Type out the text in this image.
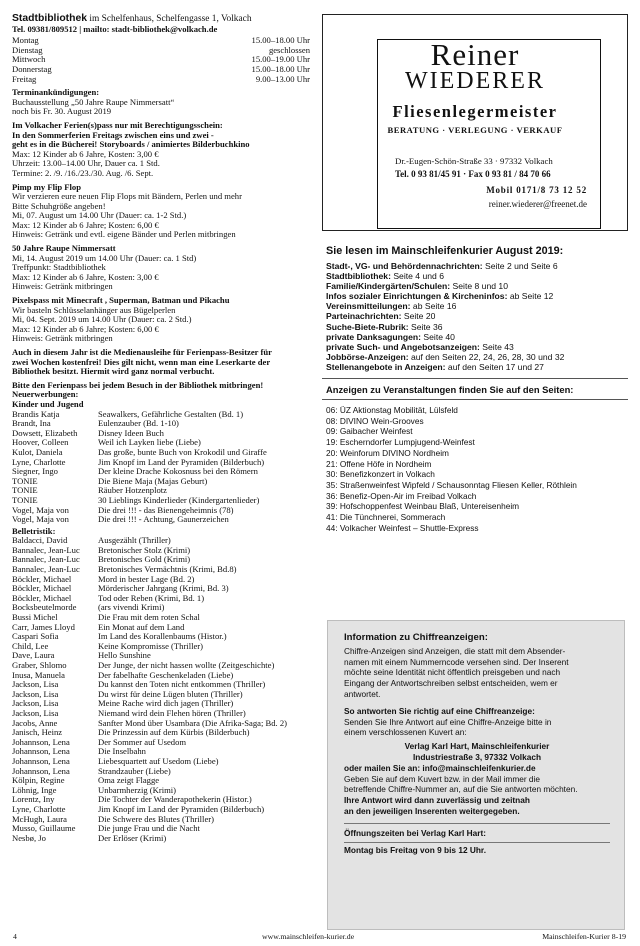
Stadtbibliothek im Schelfenhaus, Schelfengasse 1, Volkach
Tel. 09381/809512 | mailto: stadt-bibliothek@volkach.de
Montag	15.00–18.00 Uhr
Dienstag	geschlossen
Mittwoch	15.00–19.00 Uhr
Donnerstag	15.00–18.00 Uhr
Freitag	9.00–13.00 Uhr
Terminankündigungen:
Buchausstellung „50 Jahre Raupe Nimmersatt“
noch bis Fr. 30. August 2019
Im Volkacher Ferien(s)pass nur mit Berechtigungsschein:
In den Sommerferien Freitags zwischen eins und zwei -
geht es in die Bücherei! Storyboards / animiertes Bilderbuchkino
Max: 12 Kinder ab 6 Jahre, Kosten: 3,00 €
Uhrzeit: 13.00–14.00 Uhr, Dauer ca. 1 Std.
Termine: 2. /9. /16./23./30. Aug. /6. Sept.
Pimp my Flip Flop
Wir verzieren eure neuen Flip Flops mit Bändern, Perlen und mehr
Bitte Schuhgröße angeben!
Mi, 07. August um 14.00 Uhr (Dauer: ca. 1-2 Std.)
Max: 12 Kinder ab 6 Jahre; Kosten: 6,00 €
Hinweis: Getränk und evtl. eigene Bänder und Perlen mitbringen
50 Jahre Raupe Nimmersatt
Mi, 14. August 2019 um 14.00 Uhr (Dauer: ca. 1 Std)
Treffpunkt: Stadtbibliothek
Max: 12 Kinder ab 6 Jahre, Kosten: 3,00 €
Hinweis: Getränk mitbringen
Pixelspass mit Minecraft , Superman, Batman und Pikachu
Wir basteln Schlüsselanhänger aus Bügelperlen
Mi, 04. Sept. 2019 um 14.00 Uhr (Dauer: ca. 2 Std.)
Max: 12 Kinder ab 6 Jahre; Kosten: 6,00 €
Hinweis: Getränk mitbringen
Auch in diesem Jahr ist die Medienausleihe für Ferienpass-Besitzer für
zwei Wochen kostenfrei! Dies gilt nicht, wenn man eine Leserkarte der
Bibliothek besitzt. Hiermit wird ganz normal verbucht.
Bitte den Ferienpass bei jedem Besuch in der Bibliothek mitbringen!
Neuerwerbungen:
Kinder und Jugend
Brandis Katja	Seawalkers, Gefährliche Gestalten (Bd. 1)
Brandt, Ina	Eulenzauber (Bd. 1-10)
Dowsett, Elizabeth	Disney Ideen Buch
Hoover, Colleen	Weil ich Layken liebe (Liebe)
Kulot, Daniela	Das große, bunte Buch von Krokodil und Giraffe
Lyne, Charlotte	Jim Knopf im Land der Pyramiden (Bilderbuch)
Siegner, Ingo	Der kleine Drache Kokosnuss bei den Römern
TONIE	Die Biene Maja (Majas Geburt)
TONIE	Räuber Hotzenplotz
TONIE	30 Lieblings Kinderlieder (Kindergartenlieder)
Vogel, Maja von	Die drei !!! - das Bienengeheimnis (78)
Vogel, Maja von	Die drei !!! - Achtung, Gaunerzeichen
Belletristik:
Baldacci, David	Ausgezählt (Thriller)
Bannalec, Jean-Luc	Bretonischer Stolz (Krimi)
Bannalec, Jean-Luc	Bretonisches Gold (Krimi)
Bannalec, Jean-Luc	Bretonisches Vermächtnis (Krimi, Bd.8)
Böckler, Michael	Mord in bester Lage (Bd. 2)
Böckler, Michael	Mörderischer Jahrgang (Krimi, Bd. 3)
Böckler, Michael	Tod oder Reben (Krimi, Bd. 1)
Bocksbeutelmorde	(ars vivendi Krimi)
Bussi Michel	Die Frau mit dem roten Schal
Carr, James Lloyd	Ein Monat auf dem Land
Caspari Sofia	Im Land des Korallenbaums (Histor.)
Child, Lee	Keine Kompromisse (Thriller)
Dave, Laura	Hello Sunshine
Graber, Shlomo	Der Junge, der nicht hassen wollte (Zeitgeschichte)
Inusa, Manuela	Der fabelhafte Geschenkeladen (Liebe)
Jackson, Lisa	Du kannst den Toten nicht entkommen (Thriller)
Jackson, Lisa	Du wirst für deine Lügen bluten (Thriller)
Jackson, Lisa	Meine Rache wird dich jagen (Thriller)
Jackson, Lisa	Niemand wird dein Flehen hören (Thriller)
Jacobs, Anne	Sanfter Mond über Usambara (Die Afrika-Saga; Bd. 2)
Janisch, Heinz	Die Prinzessin auf dem Kürbis (Bilderbuch)
Johannson, Lena	Der Sommer auf Usedom
Johannson, Lena	Die Inselbahn
Johannson, Lena	Liebesquartett auf Usedom (Liebe)
Johannson, Lena	Strandzauber (Liebe)
Kölpin, Regine	Oma zeigt Flagge
Löhnig, Inge	Unbarmherzig (Krimi)
Lorentz, Iny	Die Tochter der Wanderapothekerin (Histor.)
Lyne, Charlotte	Jim Knopf im Land der Pyramiden (Bilderbuch)
McHugh, Laura	Die Schwere des Blutes (Thriller)
Musso, Guillaume	Die junge Frau und die Nacht
Nesbø, Jo	Der Erlöser (Krimi)
Reiner
WIEDERER
Fliesenlegermeister
BERATUNG · VERLEGUNG · VERKAUF
Dr.-Eugen-Schön-Straße 33 · 97332 Volkach
Tel. 0 93 81/45 91 · Fax 0 93 81 / 84 70 66
Mobil 0171/8 73 12 52
reiner.wiederer@freenet.de
Sie lesen im Mainschleifenkurier August 2019:
Stadt-, VG- und Behördennachrichten: Seite 2 und Seite 6
Stadtbibliothek: Seite 4 und 6
Familie/Kindergärten/Schulen: Seite 8 und 10
Infos sozialer Einrichtungen & Kircheninfos: ab Seite 12
Vereinsmitteilungen: ab Seite 16
Parteinachrichten: Seite 20
Suche-Biete-Rubrik: Seite 36
private Danksagungen: Seite 40
private Such- und Angebotsanzeigen: Seite 43
Jobbörse-Anzeigen: auf den Seiten 22, 24, 26, 28, 30 und 32
Stellenangebote in Anzeigen: auf den Seiten 17 und 27
Anzeigen zu Veranstaltungen finden Sie auf den Seiten:
06: ÜZ Aktionstag Mobilität, Lülsfeld
08: DIVINO Wein-Grooves
09: Gaibacher Weinfest
19: Escherndorfer Lumpjugend-Weinfest
20: Weinforum DIVINO Nordheim
21: Offene Höfe in Nordheim
30: Benefizkonzert in Volkach
35: Straßenweinfest Wipfeld / Schausonntag Fliesen Keller, Röthlein
36: Benefiz-Open-Air im Freibad Volkach
39: Hofschoppenfest Weinbau Blaß, Untereisenheim
41: Die Tünchnerei, Sommerach
44: Volkacher Weinfest – Shuttle-Express
Information zu Chiffreanzeigen:
Chiffre-Anzeigen sind Anzeigen, die statt mit dem Absender-
namen mit einem Nummerncode versehen sind. Der Inserent
möchte seine Identität nicht öffentlich preisgeben und nach
Eingang der Antwortschreiben selbst entscheiden, wem er
antwortet.
So antworten Sie richtig auf eine Chiffreanzeige:
Senden Sie Ihre Antwort auf eine Chiffre-Anzeige bitte in
einem verschlossenen Kuvert an:
Verlag Karl Hart, Mainschleifenkurier
Industriestraße 3, 97332 Volkach
oder mailen Sie an: info@mainschleifenkurier.de
Geben Sie auf dem Kuvert bzw. in der Mail immer die
betreffende Chiffre-Nummer an, auf die Sie antworten möchten.
Ihre Antwort wird dann zuverlässig und zeitnah
an den jeweiligen Inserenten weitergegeben.
Öffnungszeiten bei Verlag Karl Hart:
Montag bis Freitag von 9 bis 12 Uhr.
4	www.mainschleifen-kurier.de	Mainschleifen-Kurier 8-19
